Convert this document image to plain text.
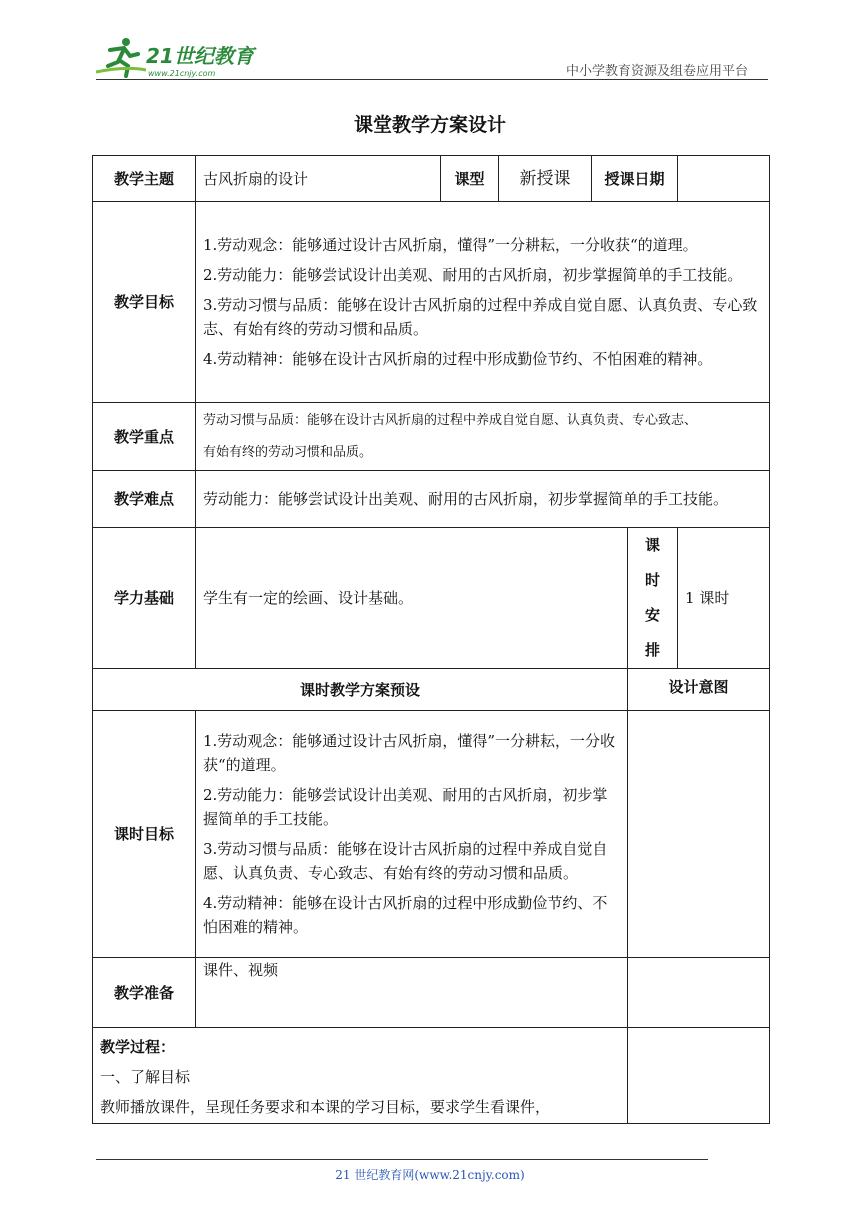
21世纪教育
www.21cnjy.com	中小学教育资源及组卷应用平台
课堂教学方案设计
教学主题	古风折扇的设计	课型	新授课	授课日期		
教学目标	1.劳动观念：能够通过设计古风折扇，懂得”一分耕耘，一分收获“的道理。
2.劳动能力：能够尝试设计出美观、耐用的古风折扇，初步掌握简单的手工技能。
3.劳动习惯与品质：能够在设计古风折扇的过程中养成自觉自愿、认真负责、专心致志、有始有终的劳动习惯和品质。
4.劳动精神：能够在设计古风折扇的过程中形成勤俭节约、不怕困难的精神。					

教学重点	劳动习惯与品质：能够在设计古风折扇的过程中养成自觉自愿、认真负责、专心致志、
有始有终的劳动习惯和品质。					

教学难点	劳动能力：能够尝试设计出美观、耐用的古风折扇，初步掌握简单的手工技能。					
学力基础	学生有一定的绘画、设计基础。				课
时
安
排	1 课时
课时教学方案预设					设计意图	
课时目标	1.劳动观念：能够通过设计古风折扇，懂得”一分耕耘，一分收获“的道理。
2.劳动能力：能够尝试设计出美观、耐用的古风折扇，初步掌握简单的手工技能。
3.劳动习惯与品质：能够在设计古风折扇的过程中养成自觉自愿、认真负责、专心致志、有始有终的劳动习惯和品质。
4.劳动精神：能够在设计古风折扇的过程中形成勤俭节约、不怕困难的精神。					

教学准备	课件、视频					

教学过程：
一、了解目标
教师播放课件，呈现任务要求和本课的学习目标，要求学生看课件，						

21 世纪教育网(www.21cnjy.com)
